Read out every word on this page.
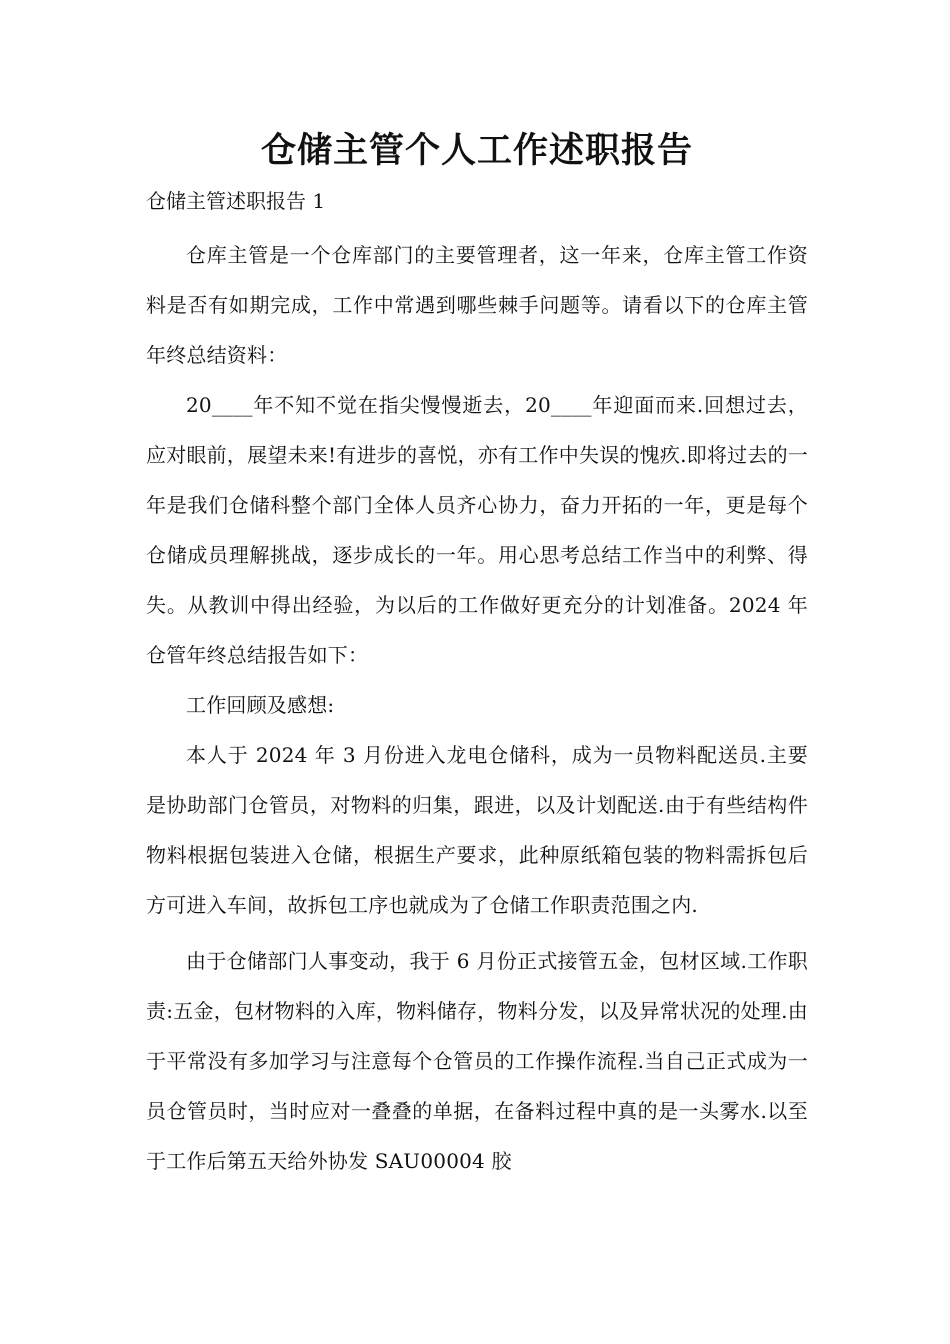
仓储主管个人工作述职报告

仓储主管述职报告 1

仓库主管是一个仓库部门的主要管理者，这一年来，仓库主管工作资料是否有如期完成，工作中常遇到哪些棘手问题等。请看以下的仓库主管年终总结资料：

20____年不知不觉在指尖慢慢逝去，20____年迎面而来.回想过去，应对眼前，展望未来!有进步的喜悦，亦有工作中失误的愧疚.即将过去的一年是我们仓储科整个部门全体人员齐心协力，奋力开拓的一年，更是每个仓储成员理解挑战，逐步成长的一年。用心思考总结工作当中的利弊、得失。从教训中得出经验，为以后的工作做好更充分的计划准备。2024 年仓管年终总结报告如下：

工作回顾及感想:

本人于 2024 年 3 月份进入龙电仓储科，成为一员物料配送员.主要是协助部门仓管员，对物料的归集，跟进，以及计划配送.由于有些结构件物料根据包装进入仓储，根据生产要求，此种原纸箱包装的物料需拆包后方可进入车间，故拆包工序也就成为了仓储工作职责范围之内.

由于仓储部门人事变动，我于 6 月份正式接管五金，包材区域.工作职责:五金，包材物料的入库，物料储存，物料分发，以及异常状况的处理.由于平常没有多加学习与注意每个仓管员的工作操作流程.当自己正式成为一员仓管员时，当时应对一叠叠的单据，在备料过程中真的是一头雾水.以至于工作后第五天给外协发 SAU00004 胶
